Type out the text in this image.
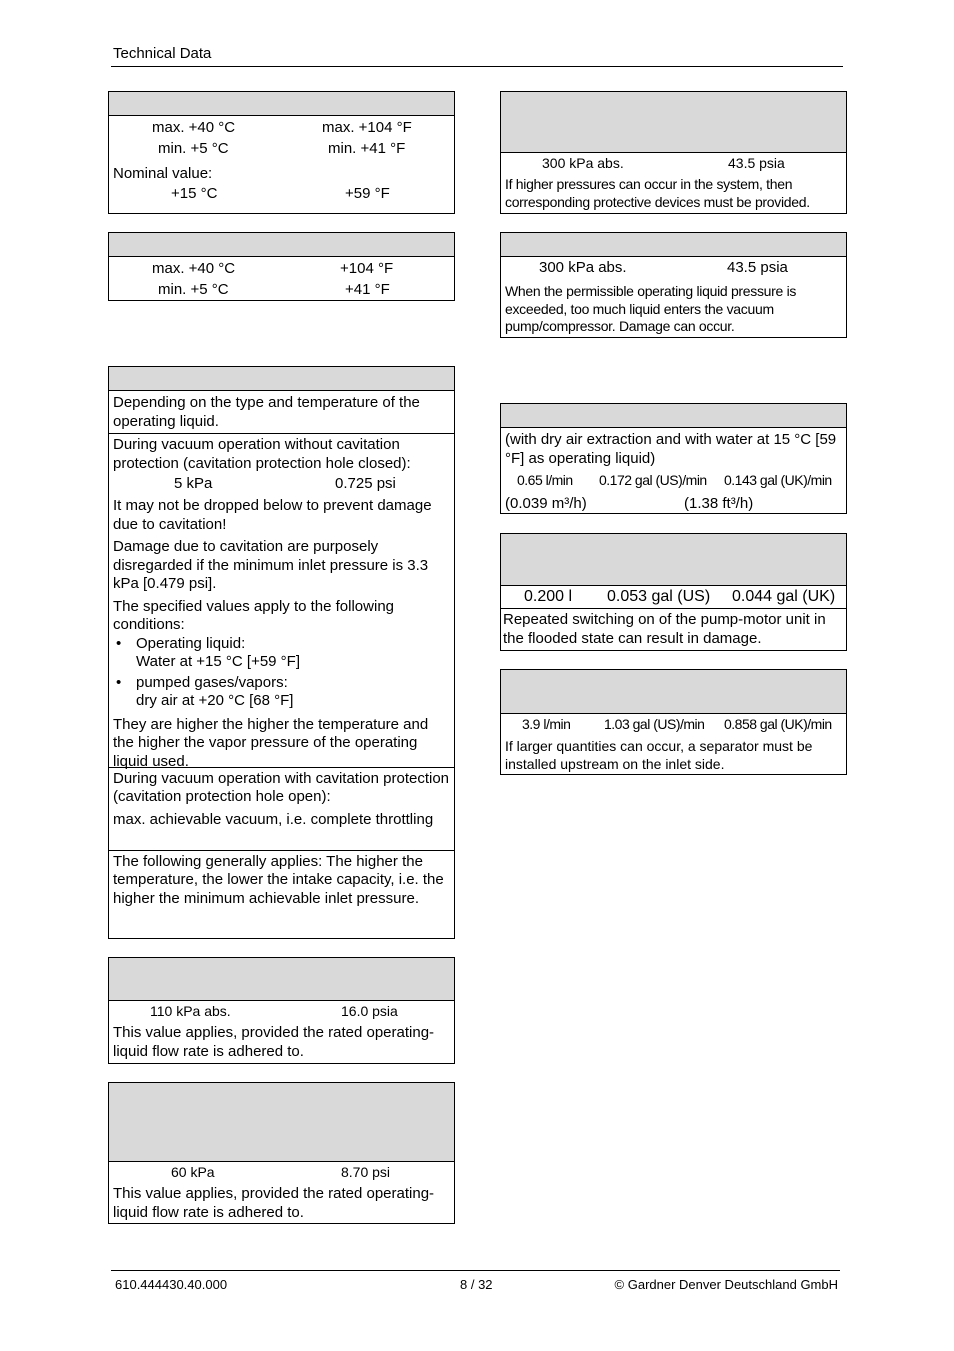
Technical Data
max. +40 °C	max. +104 °F
min. +5 °C	min. +41 °F
Nominal value:
+15 °C	+59 °F
max. +40 °C	+104 °F
min. +5 °C	+41 °F
Depending on the type and temperature of the operating liquid.
During vacuum operation without cavitation protection (cavitation protection hole closed):
5 kPa	0.725 psi
It may not be dropped below to prevent damage due to cavitation!
Damage due to cavitation are purposely disregarded if the minimum inlet pressure is 3.3 kPa [0.479 psi].
The specified values apply to the following conditions:
• Operating liquid:
Water at +15 °C [+59 °F]
• pumped gases/vapors:
dry air at +20 °C [68 °F]
They are higher the higher the temperature and the higher the vapor pressure of the operating liquid used.
During vacuum operation with cavitation protection (cavitation protection hole open):
max. achievable vacuum, i.e. complete throttling
The following generally applies: The higher the temperature, the lower the intake capacity, i.e. the higher the minimum achievable inlet pressure.
110 kPa abs.	16.0 psia
This value applies, provided the rated operating-liquid flow rate is adhered to.
60 kPa	8.70 psi
This value applies, provided the rated operating-liquid flow rate is adhered to.
300 kPa abs.	43.5 psia
If higher pressures can occur in the system, then corresponding protective devices must be provided.
300 kPa abs.	43.5 psia
When the permissible operating liquid pressure is exceeded, too much liquid enters the vacuum pump/compressor. Damage can occur.
(with dry air extraction and with water at 15 °C [59 °F] as operating liquid)
0.65 l/min 0.172 gal (US)/min 0.143 gal (UK)/min
(0.039 m³/h)	(1.38 ft³/h)
0.200 l 0.053 gal (US) 0.044 gal (UK)
Repeated switching on of the pump-motor unit in the flooded state can result in damage.
3.9 l/min 1.03 gal (US)/min 0.858 gal (UK)/min
If larger quantities can occur, a separator must be installed upstream on the inlet side.
610.444430.40.000	8 / 32	© Gardner Denver Deutschland GmbH
